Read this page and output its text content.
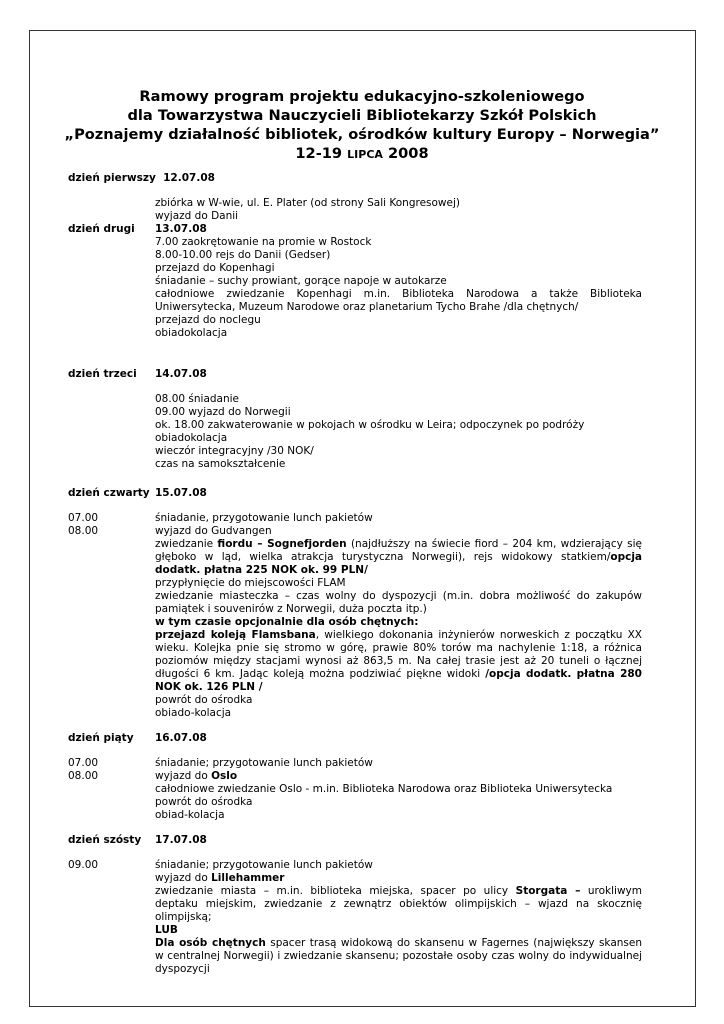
Ramowy program projektu edukacyjno-szkoleniowego
dla Towarzystwa Nauczycieli Bibliotekarzy Szkół Polskich
„Poznajemy działalność bibliotek, ośrodków kultury Europy – Norwegia”
12-19 LIPCA 2008
dzień pierwszy 12.07.08
zbiórka w W-wie, ul. E. Plater (od strony Sali Kongresowej)
wyjazd do Danii
dzień drugi 13.07.08
7.00 zaokrętowanie na promie w Rostock
8.00-10.00 rejs do Danii (Gedser)
przejazd do Kopenhagi
śniadanie – suchy prowiant, gorące napoje w autokarze
całodniowe zwiedzanie Kopenhagi m.in. Biblioteka Narodowa a także Biblioteka Uniwersytecka, Muzeum Narodowe oraz planetarium Tycho Brahe /dla chętnych/
przejazd do noclegu
obiadokolacja
dzień trzeci 14.07.08
08.00 śniadanie
09.00 wyjazd do Norwegii
ok. 18.00 zakwaterowanie w pokojach w ośrodku w Leira; odpoczynek po podróży
obiadokolacja
wieczór integracyjny /30 NOK/
czas na samokształcenie
dzień czwarty 15.07.08
07.00	śniadanie, przygotowanie lunch pakietów
08.00	wyjazd do Gudvangen
zwiedzanie fiordu – Sognefjorden (najdłuższy na świecie fiord – 204 km, wdzierający się głęboko w ląd, wielka atrakcja turystyczna Norwegii), rejs widokowy statkiem/opcja dodatk. płatna 225 NOK ok. 99 PLN/
przypłynięcie do miejscowości FLAM
zwiedzanie miasteczka – czas wolny do dyspozycji (m.in. dobra możliwość do zakupów pamiątek i souvenirów z Norwegii, duża poczta itp.)
w tym czasie opcjonalnie dla osób chętnych:
przejazd koleją Flamsbana, wielkiego dokonania inżynierów norweskich z początku XX wieku. Kolejka pnie się stromo w górę, prawie 80% torów ma nachylenie 1:18, a różnica poziomów między stacjami wynosi aż 863,5 m. Na całej trasie jest aż 20 tuneli o łącznej długości 6 km. Jadąc koleją można podziwiać piękne widoki /opcja dodatk. płatna 280 NOK ok. 126 PLN /
powrót do ośrodka
obiado-kolacja
dzień piąty 16.07.08
07.00	śniadanie; przygotowanie lunch pakietów
08.00	wyjazd do Oslo
całodniowe zwiedzanie Oslo - m.in. Biblioteka Narodowa oraz Biblioteka Uniwersytecka
powrót do ośrodka
obiad-kolacja
dzień szósty 17.07.08
09.00	śniadanie; przygotowanie lunch pakietów
wyjazd do Lillehammer
zwiedzanie miasta – m.in. biblioteka miejska, spacer po ulicy Storgata – urokliwym deptaku miejskim, zwiedzanie z zewnątrz obiektów olimpijskich – wjazd na skocznię olimpijską;
LUB
Dla osób chętnych spacer trasą widokową do skansenu w Fagernes (największy skansen w centralnej Norwegii) i zwiedzanie skansenu; pozostałe osoby czas wolny do indywidualnej dyspozycji
